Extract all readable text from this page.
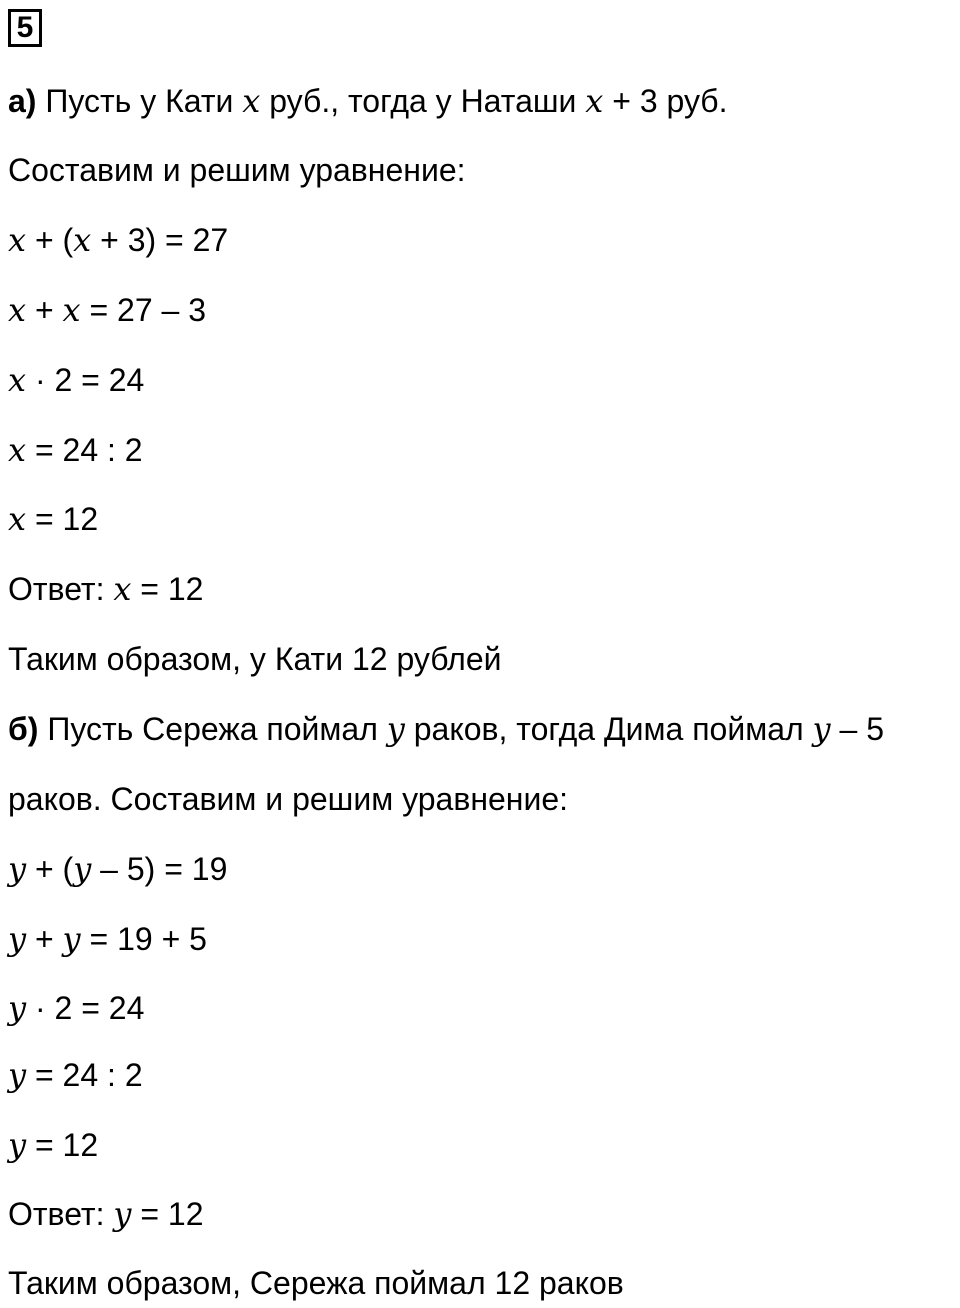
5
а) Пусть у Кати x руб., тогда у Наташи x + 3 руб.
Составим и решим уравнение:
x + (x + 3) = 27
x + x = 27 – 3
x · 2 = 24
x = 24 : 2
x = 12
Ответ: x = 12
Таким образом, у Кати 12 рублей
б) Пусть Сережа поймал y раков, тогда Дима поймал y – 5
раков. Составим и решим уравнение:
y + (y – 5) = 19
y + y = 19 + 5
y · 2 = 24
y = 24 : 2
y = 12
Ответ: y = 12
Таким образом, Сережа поймал 12 раков
